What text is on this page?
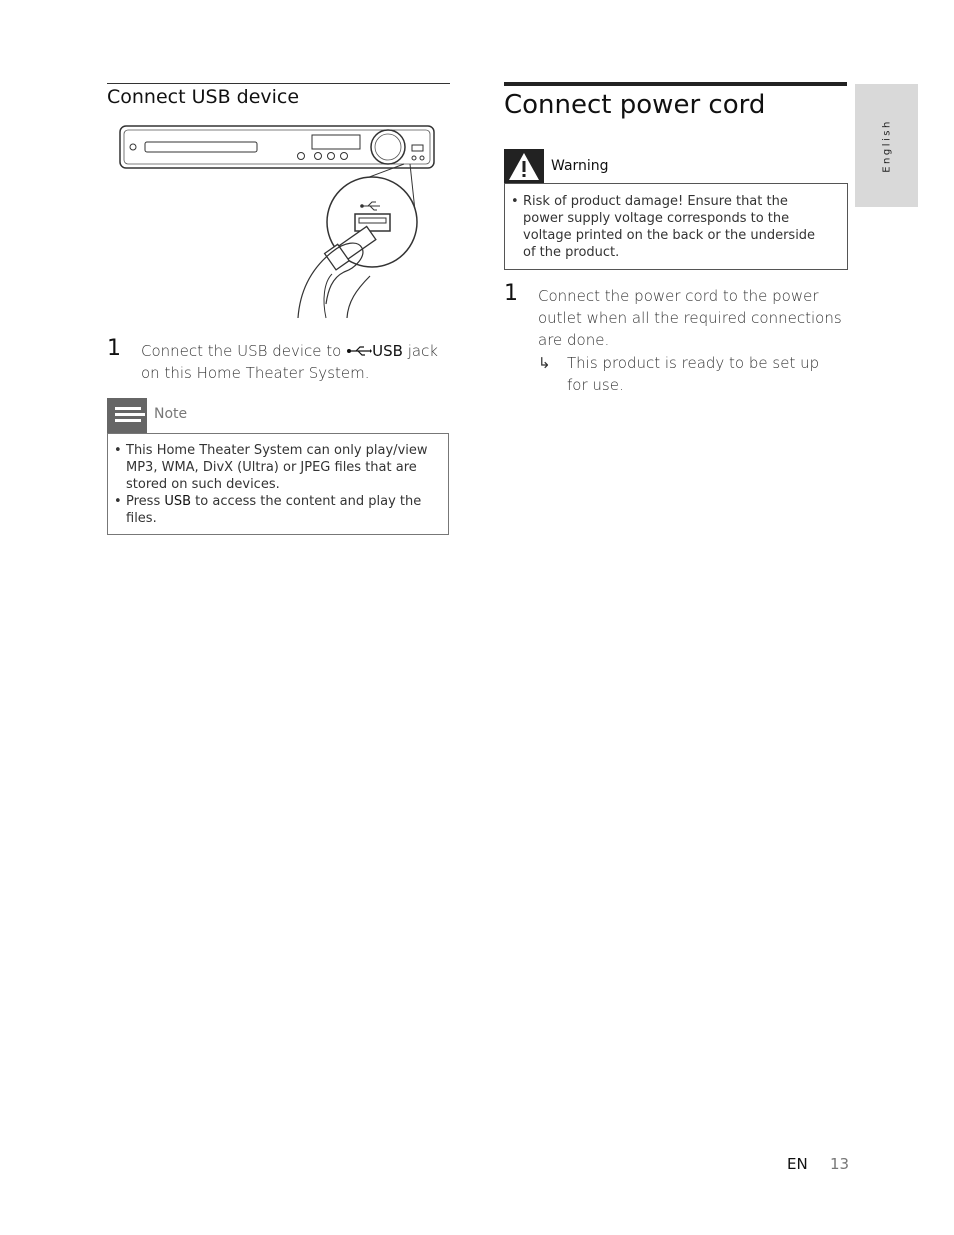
Connect USB device
1 Connect the USB device to USB jack on this Home Theater System.
Note
• This Home Theater System can only play/view MP3, WMA, DivX (Ultra) or JPEG files that are stored on such devices.
• Press USB to access the content and play the files.
Connect power cord
Warning
• Risk of product damage! Ensure that the power supply voltage corresponds to the voltage printed on the back or the underside of the product.
1 Connect the power cord to the power outlet when all the required connections are done.
↳	This product is ready to be set up for use.
English
EN 13
